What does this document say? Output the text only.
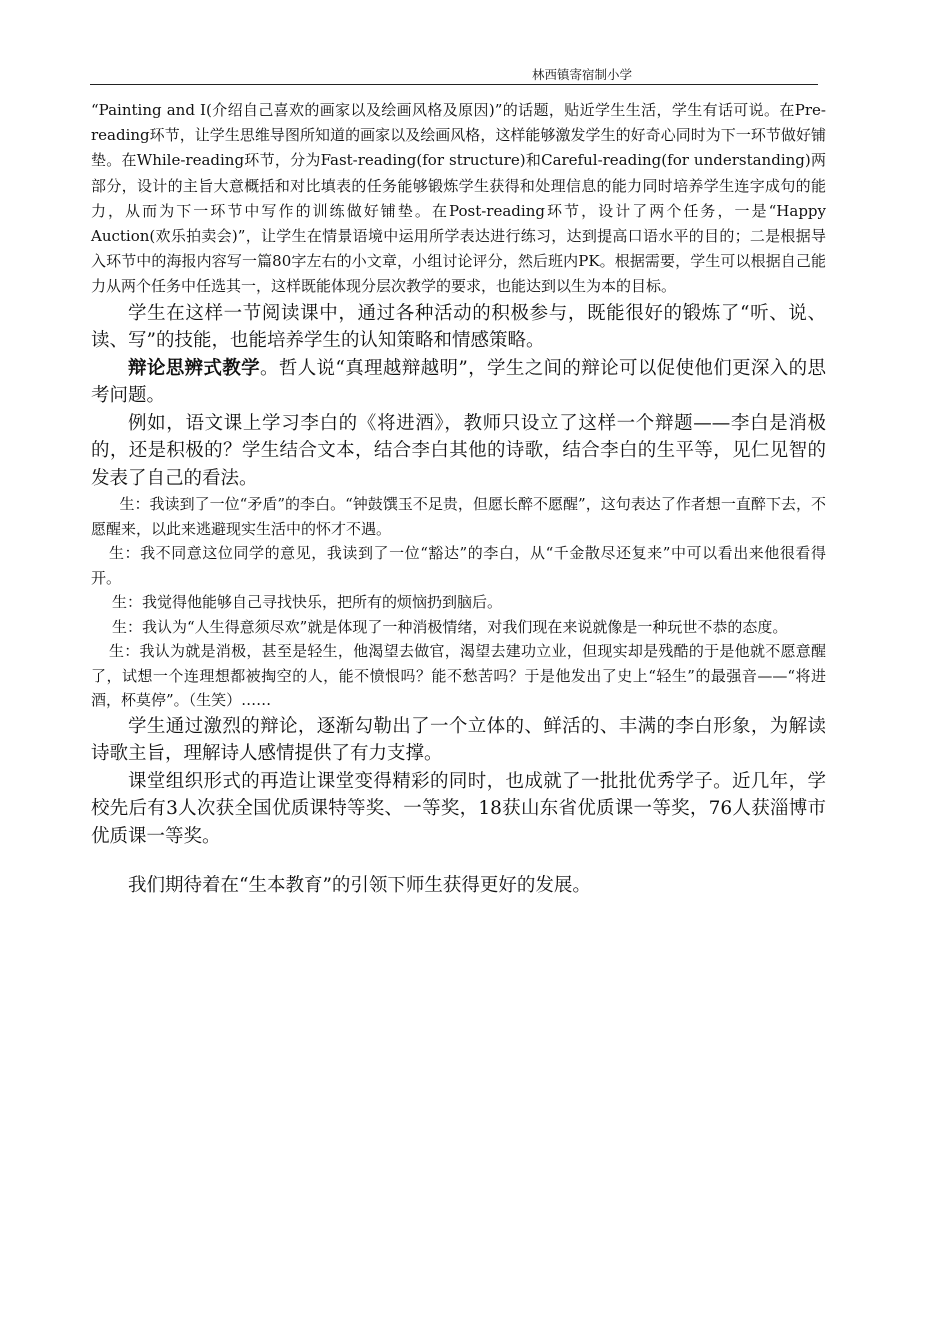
林西镇寄宿制小学

“Painting and I(介绍自己喜欢的画家以及绘画风格及原因)”的话题，贴近学生生活，学生有话可说。在Pre-reading环节，让学生思维导图所知道的画家以及绘画风格，这样能够激发学生的好奇心同时为下一环节做好铺垫。在While-reading环节，分为Fast-reading(for structure)和Careful-reading(for understanding)两部分，设计的主旨大意概括和对比填表的任务能够锻炼学生获得和处理信息的能力同时培养学生连字成句的能力，从而为下一环节中写作的训练做好铺垫。在Post-reading环节，设计了两个任务，一是“Happy Auction(欢乐拍卖会)”，让学生在情景语境中运用所学表达进行练习，达到提高口语水平的目的；二是根据导入环节中的海报内容写一篇80字左右的小文章，小组讨论评分，然后班内PK。根据需要，学生可以根据自己能力从两个任务中任选其一，这样既能体现分层次教学的要求，也能达到以生为本的目标。

学生在这样一节阅读课中，通过各种活动的积极参与，既能很好的锻炼了“听、说、读、写”的技能，也能培养学生的认知策略和情感策略。

辩论思辨式教学。哲人说“真理越辩越明”，学生之间的辩论可以促使他们更深入的思考问题。

例如，语文课上学习李白的《将进酒》，教师只设立了这样一个辩题——李白是消极的，还是积极的？学生结合文本，结合李白其他的诗歌，结合李白的生平等，见仁见智的发表了自己的看法。

生：我读到了一位“矛盾”的李白。“钟鼓馔玉不足贵，但愿长醉不愿醒”，这句表达了作者想一直醉下去，不愿醒来，以此来逃避现实生活中的怀才不遇。

生：我不同意这位同学的意见，我读到了一位“豁达”的李白，从“千金散尽还复来”中可以看出来他很看得开。

生：我觉得他能够自己寻找快乐，把所有的烦恼扔到脑后。

生：我认为“人生得意须尽欢”就是体现了一种消极情绪，对我们现在来说就像是一种玩世不恭的态度。

生：我认为就是消极，甚至是轻生，他渴望去做官，渴望去建功立业，但现实却是残酷的于是他就不愿意醒了，试想一个连理想都被掏空的人，能不愤恨吗？能不愁苦吗？于是他发出了史上“轻生”的最强音——“将进酒，杯莫停”。（生笑）……

学生通过激烈的辩论，逐渐勾勒出了一个立体的、鲜活的、丰满的李白形象，为解读诗歌主旨，理解诗人感情提供了有力支撑。

课堂组织形式的再造让课堂变得精彩的同时，也成就了一批批优秀学子。近几年，学校先后有3人次获全国优质课特等奖、一等奖，18获山东省优质课一等奖，76人获淄博市优质课一等奖。

我们期待着在“生本教育”的引领下师生获得更好的发展。
